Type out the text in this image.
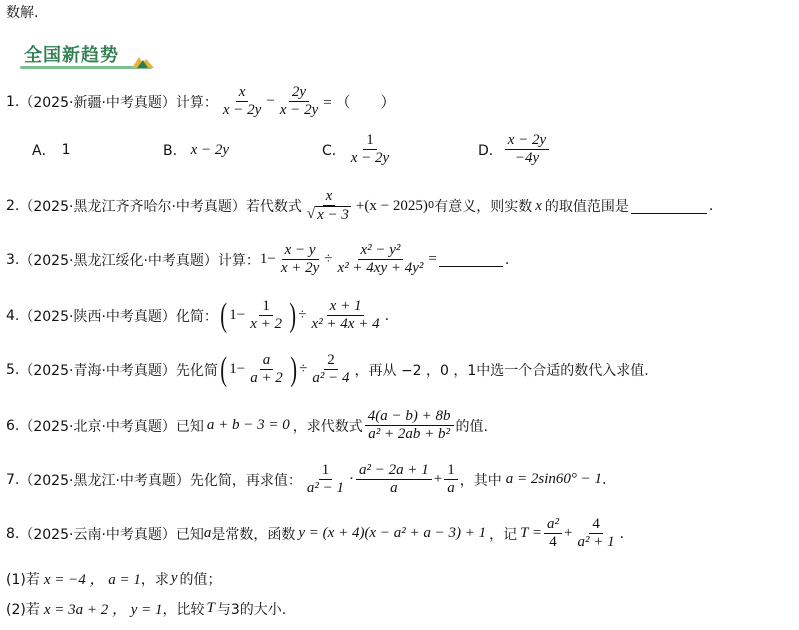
数解.
全国新趋势
1. （2025·新疆·中考真题） 计算： $\frac{x}{x - 2y} - \frac{2y}{x - 2y}$ = （　　）
A． 1	B． x − 2y	C． $\frac{1}{x - 2y}$	D． $\frac{x - 2y}{-4y}$
2. （2025·黑龙江齐齐哈尔·中考真题） 若代数式 $\frac{x}{√ x - 3} +(x - 2025)$ 0 有意义，则实数 x 的取值范围是	.
3. （2025·黑龙江绥化·中考真题） 计算： $1- \frac{x - y}{x + 2y} \div \frac{\text{x² − y²}}{\text{x² + 4xy + 4y²}}$ =	.
4. （2025·陕西·中考真题） 化简： ( $1- \frac{1}{x + 2}$ ) ÷ $\frac{x + 1}{\text{x² + 4x + 4}}$ .
5. （2025·青海·中考真题） 先化简 ( $1- \frac{a}{a + 2}$ ) ÷ $\frac{2}{\text{a² − 4}}$ ，再从 −2 ，0 ，1中选一个合适的数代入求值.
6. （2025·北京·中考真题） 已知 a + b − 3 = 0 ，求代数式 $\frac{4(a - b) + 8b}{\text{a² + 2ab + b²}}$ 的值.
7. （2025·黑龙江·中考真题） 先化简，再求值： $\frac{1}{\text{a² − 1}} \cdot \frac{\text{a² − 2a + 1}}{a} + \frac{1}{a}$ ，其中 a = 2sin60° − 1 .
8. （2025·云南·中考真题） 已知 a 是常数，函数 y = (x + 4)(x − a² + a − 3) + 1 ，记 $T = \frac{\text{a²}}{4} + \frac{4}{\text{a² + 1}}$ .
(1)若 x = −4 ， a = 1 ，求 y 的值；
(2)若 x = 3a + 2 ， y = 1 ，比较 T 与3的大小.
